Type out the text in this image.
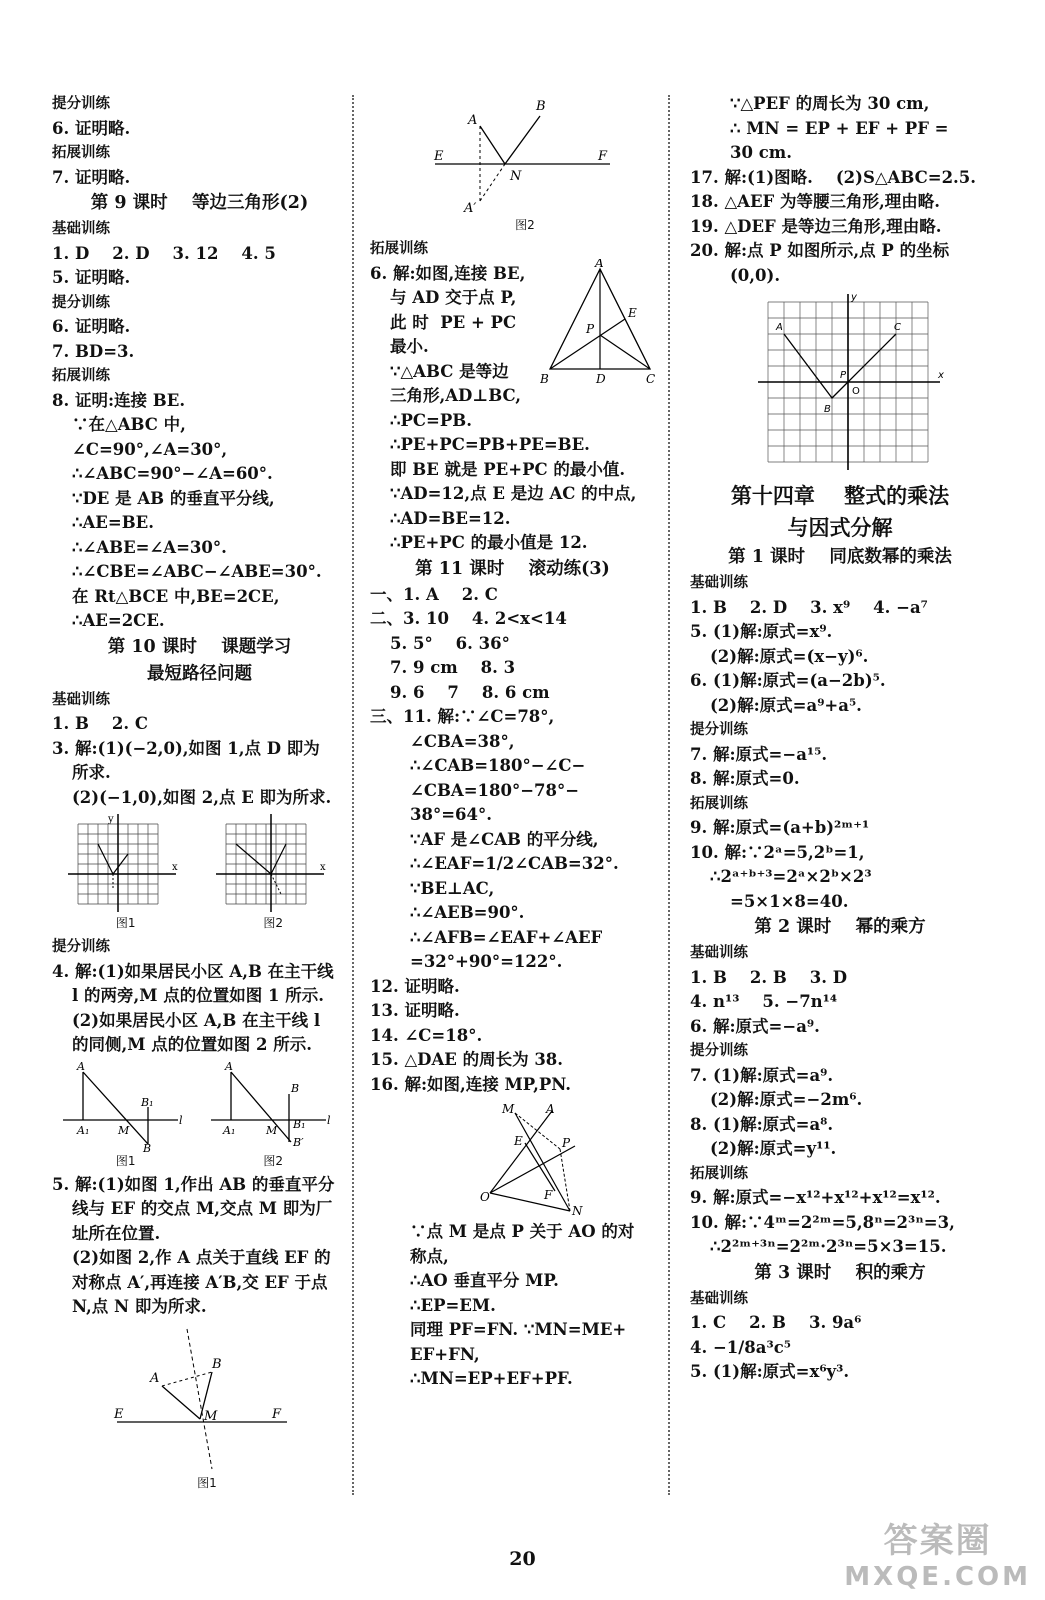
提分训练
6. 证明略.
拓展训练
7. 证明略.
第 9 课时    等边三角形(2)
基础训练
1. D    2. D    3. 12    4. 5
5. 证明略.
提分训练
6. 证明略.
7. BD=3.
拓展训练
8. 证明:连接 BE.
∵在△ABC 中,
∠C=90°,∠A=30°,
∴∠ABC=90°−∠A=60°.
∵DE 是 AB 的垂直平分线,
∴AE=BE.
∴∠ABE=∠A=30°.
∴∠CBE=∠ABC−∠ABE=30°.
在 Rt△BCE 中,BE=2CE,
∴AE=2CE.
第 10 课时    课题学习
最短路径问题
基础训练
1. B    2. C
3. 解:(1)(−2,0),如图 1,点 D 即为
所求.
(2)(−1,0),如图 2,点 E 即为所求.
y
x
图1
x
图2
提分训练
4. 解:(1)如果居民小区 A,B 在主干线
l 的两旁,M 点的位置如图 1 所示.
(2)如果居民小区 A,B 在主干线 l
的同侧,M 点的位置如图 2 所示.
A
A₁	M
B₁
B
l
图1
A
A₁	M
B
B₁
B′
l
图2
5. 解:(1)如图 1,作出 AB 的垂直平分
线与 EF 的交点 M,交点 M 即为厂
址所在位置.
(2)如图 2,作 A 点关于直线 EF 的
对称点 A′,再连接 A′B,交 EF 于点
N,点 N 即为所求.
A
B
E	F
M
图1
A
B
E	F
N
A′
图2
拓展训练
6. 解:如图,连接 BE,
与 AD 交于点 P,
此 时  PE + PC
最小.
∵△ABC 是等边
三角形,AD⊥BC,
∴PC=PB.
∴PE+PC=PB+PE=BE.
即 BE 就是 PE+PC 的最小值.
∵AD=12,点 E 是边 AC 的中点,
∴AD=BE=12.
∴PE+PC 的最小值是 12.
第 11 课时    滚动练(3)
一、1. A    2. C
二、3. 10    4. 2<x<14
5. 5°    6. 36°
7. 9 cm    8. 3
9. 6    7    8. 6 cm
三、11. 解:∵∠C=78°,
∠CBA=38°,
∴∠CAB=180°−∠C−
∠CBA=180°−78°−
38°=64°.
∵AF 是∠CAB 的平分线,
∴∠EAF=1/2∠CAB=32°.
∵BE⊥AC,
∴∠AEB=90°.
∴∠AFB=∠EAF+∠AEF
=32°+90°=122°.
12. 证明略.
13. 证明略.
14. ∠C=18°.
15. △DAE 的周长为 38.
16. 解:如图,连接 MP,PN.
A
B	C
D
E
P
M	A
E	P
O	F
N
∵点 M 是点 P 关于 AO 的对
称点,
∴AO 垂直平分 MP.
∴EP=EM.
同理 PF=FN. ∵MN=ME+
EF+FN,
∴MN=EP+EF+PF.
∵△PEF 的周长为 30 cm,
∴ MN = EP + EF + PF =
30 cm.
17. 解:(1)图略.    (2)S△ABC=2.5.
18. △AEF 为等腰三角形,理由略.
19. △DEF 是等边三角形,理由略.
20. 解:点 P 如图所示,点 P 的坐标
(0,0).
y
x
A	C
O
P
B
第十四章    整式的乘法
与因式分解
第 1 课时    同底数幂的乘法
基础训练
1. B    2. D    3. x⁹    4. −a⁷
5. (1)解:原式=x⁹.
(2)解:原式=(x−y)⁶.
6. (1)解:原式=(a−2b)⁵.
(2)解:原式=a⁹+a⁵.
提分训练
7. 解:原式=−a¹⁵.
8. 解:原式=0.
拓展训练
9. 解:原式=(a+b)²ᵐ⁺¹
10. 解:∵2ᵃ=5,2ᵇ=1,
∴2ᵃ⁺ᵇ⁺³=2ᵃ×2ᵇ×2³
=5×1×8=40.
第 2 课时    幂的乘方
基础训练
1. B    2. B    3. D
4. n¹³    5. −7n¹⁴
6. 解:原式=−a⁹.
提分训练
7. (1)解:原式=a⁹.
(2)解:原式=−2m⁶.
8. (1)解:原式=a⁸.
(2)解:原式=y¹¹.
拓展训练
9. 解:原式=−x¹²+x¹²+x¹²=x¹².
10. 解:∵4ᵐ=2²ᵐ=5,8ⁿ=2³ⁿ=3,
∴2²ᵐ⁺³ⁿ=2²ᵐ·2³ⁿ=5×3=15.
第 3 课时    积的乘方
基础训练
1. C    2. B    3. 9a⁶
4. −1/8a³c⁵
5. (1)解:原式=x⁶y³.
20	答案圈
MXQE.COM
